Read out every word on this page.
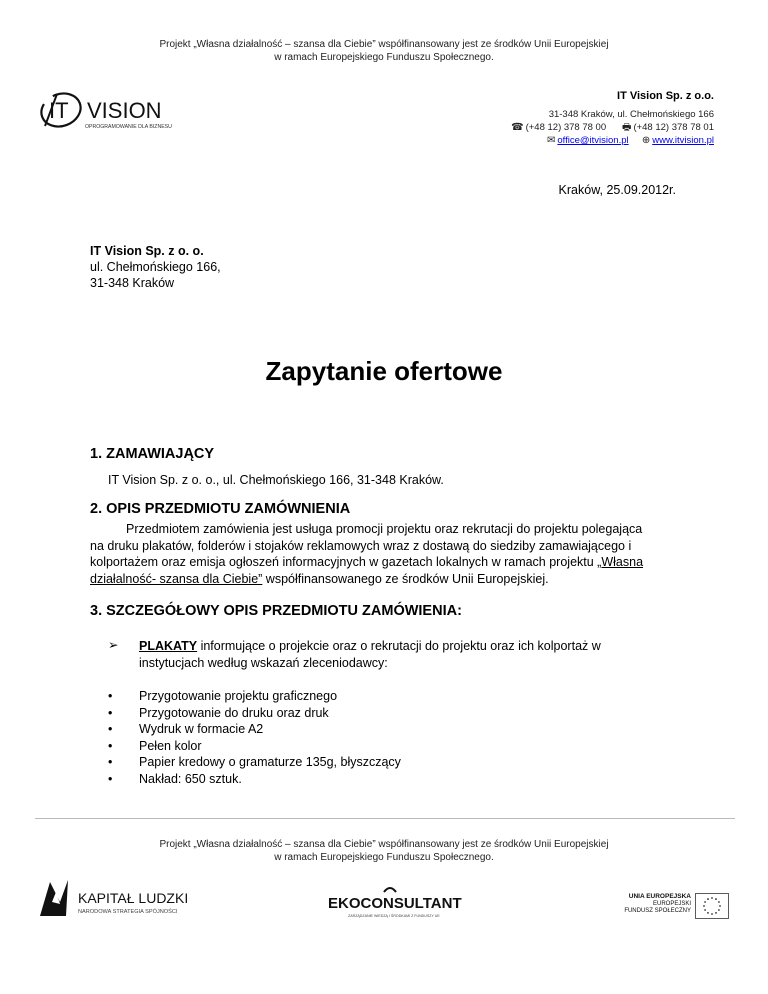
Projekt „Własna działalność – szansa dla Ciebie” współfinansowany jest ze środków Unii Europejskiej
w ramach Europejskiego Funduszu Społecznego.
IT VISION
OPROGRAMOWANIE DLA BIZNESU
IT Vision Sp. z o.o.
31-348 Kraków, ul. Chełmońskiego 166
☎ (+48 12) 378 78 00 🖶 (+48 12) 378 78 01
✉ office@itvision.pl ⊕ www.itvision.pl
Kraków, 25.09.2012r.
IT Vision Sp. z o. o.
ul. Chełmońskiego 166,
31-348 Kraków
Zapytanie ofertowe
1. ZAMAWIAJĄCY
IT Vision Sp. z o. o., ul. Chełmońskiego 166, 31-348 Kraków.
2. OPIS PRZEDMIOTU ZAMÓWNIENIA
Przedmiotem zamówienia jest usługa promocji projektu oraz rekrutacji do projektu polegająca
na druku plakatów, folderów i stojaków reklamowych wraz z dostawą do siedziby zamawiającego i
kolportażem oraz emisja ogłoszeń informacyjnych w gazetach lokalnych w ramach projektu „Własna
działalność- szansa dla Ciebie” współfinansowanego ze środków Unii Europejskiej.
3. SZCZEGÓŁOWY OPIS PRZEDMIOTU ZAMÓWIENIA:
➢ PLAKATY informujące o projekcie oraz o rekrutacji do projektu oraz ich kolportaż w
instytucjach według wskazań zleceniodawcy:
• Przygotowanie projektu graficznego
• Przygotowanie do druku oraz druk
• Wydruk w formacie A2
• Pełen kolor
• Papier kredowy o gramaturze 135g, błyszczący
• Nakład: 650 sztuk.
Projekt „Własna działalność – szansa dla Ciebie” współfinansowany jest ze środków Unii Europejskiej
w ramach Europejskiego Funduszu Społecznego.
KAPITAŁ LUDZKI
NARODOWA STRATEGIA SPÓJNOŚCI	EKOCONSULTANT
ZARZĄDZANIE WIEDZĄ I ŚRODKAMI Z FUNDUSZY UE
UNIA EUROPEJSKA
EUROPEJSKI
FUNDUSZ SPOŁECZNY
